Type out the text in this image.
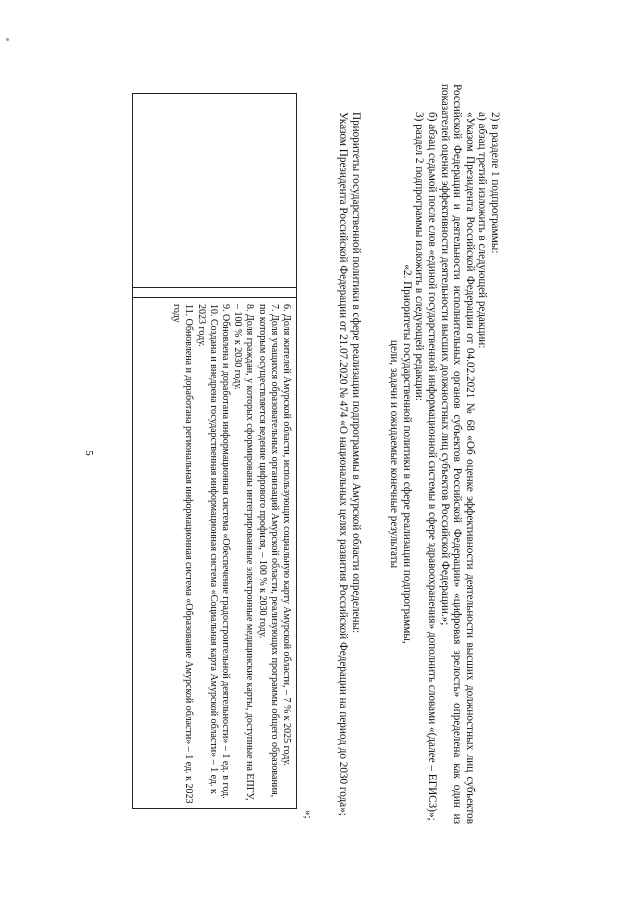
5	6. Доля жителей Амурской области, использующих социальную карту Амурской области, – 7 % к 2025 году.

7. Доля учащихся образовательных организаций Амурской области, реализующих программы общего образования, по которым осуществляется ведение цифрового профиля, – 100 % к 2030 году.

8. Доля граждан, у которых сформированы интегрированные электронные медицинские карты, доступные на ЕПГУ, – 100 % к 2030 году.

9. Обновлена и доработана информационная система «Обеспечение градостроительной деятельности» – 1 ед. в год.

10. Создана и внедрена государственная информационная система «Социальная карта Амурской области» – 1 ед. к 2023 году.

11. Обновлена и доработана региональная информационная система «Образование Амурской области» – 1 ед. к 2023 году

»;

2) в разделе 1 подпрограммы:

а) абзац третий изложить в следующей редакции:

«Указом Президента Российской Федерации от 04.02.2021 № 68 «Об оценке эффективности деятельности высших должностных лиц субъектов Российской Федерации и деятельности исполнительных органов субъектов Российской Федерации» «цифровая зрелость» определена как один из показателей оценки эффективности деятельности высших должностных лиц субъектов Российской Федерации.»;

б) абзац седьмой после слов «единой государственной информационной системы в сфере здравоохранения» дополнить словами «(далее – ЕГИСЗ)»;

3) раздел 2 подпрограммы изложить в следующей редакции:

«2. Приоритеты государственной политики в сфере реализации подпрограммы,

цели, задачи и ожидаемые конечные результаты

Приоритеты государственной политики в сфере реализации подпрограммы в Амурской области определены:

Указом Президента Российской Федерации от 21.07.2020 № 474 «О национальных целях развития Российской Федерации на период до 2030 года»;
